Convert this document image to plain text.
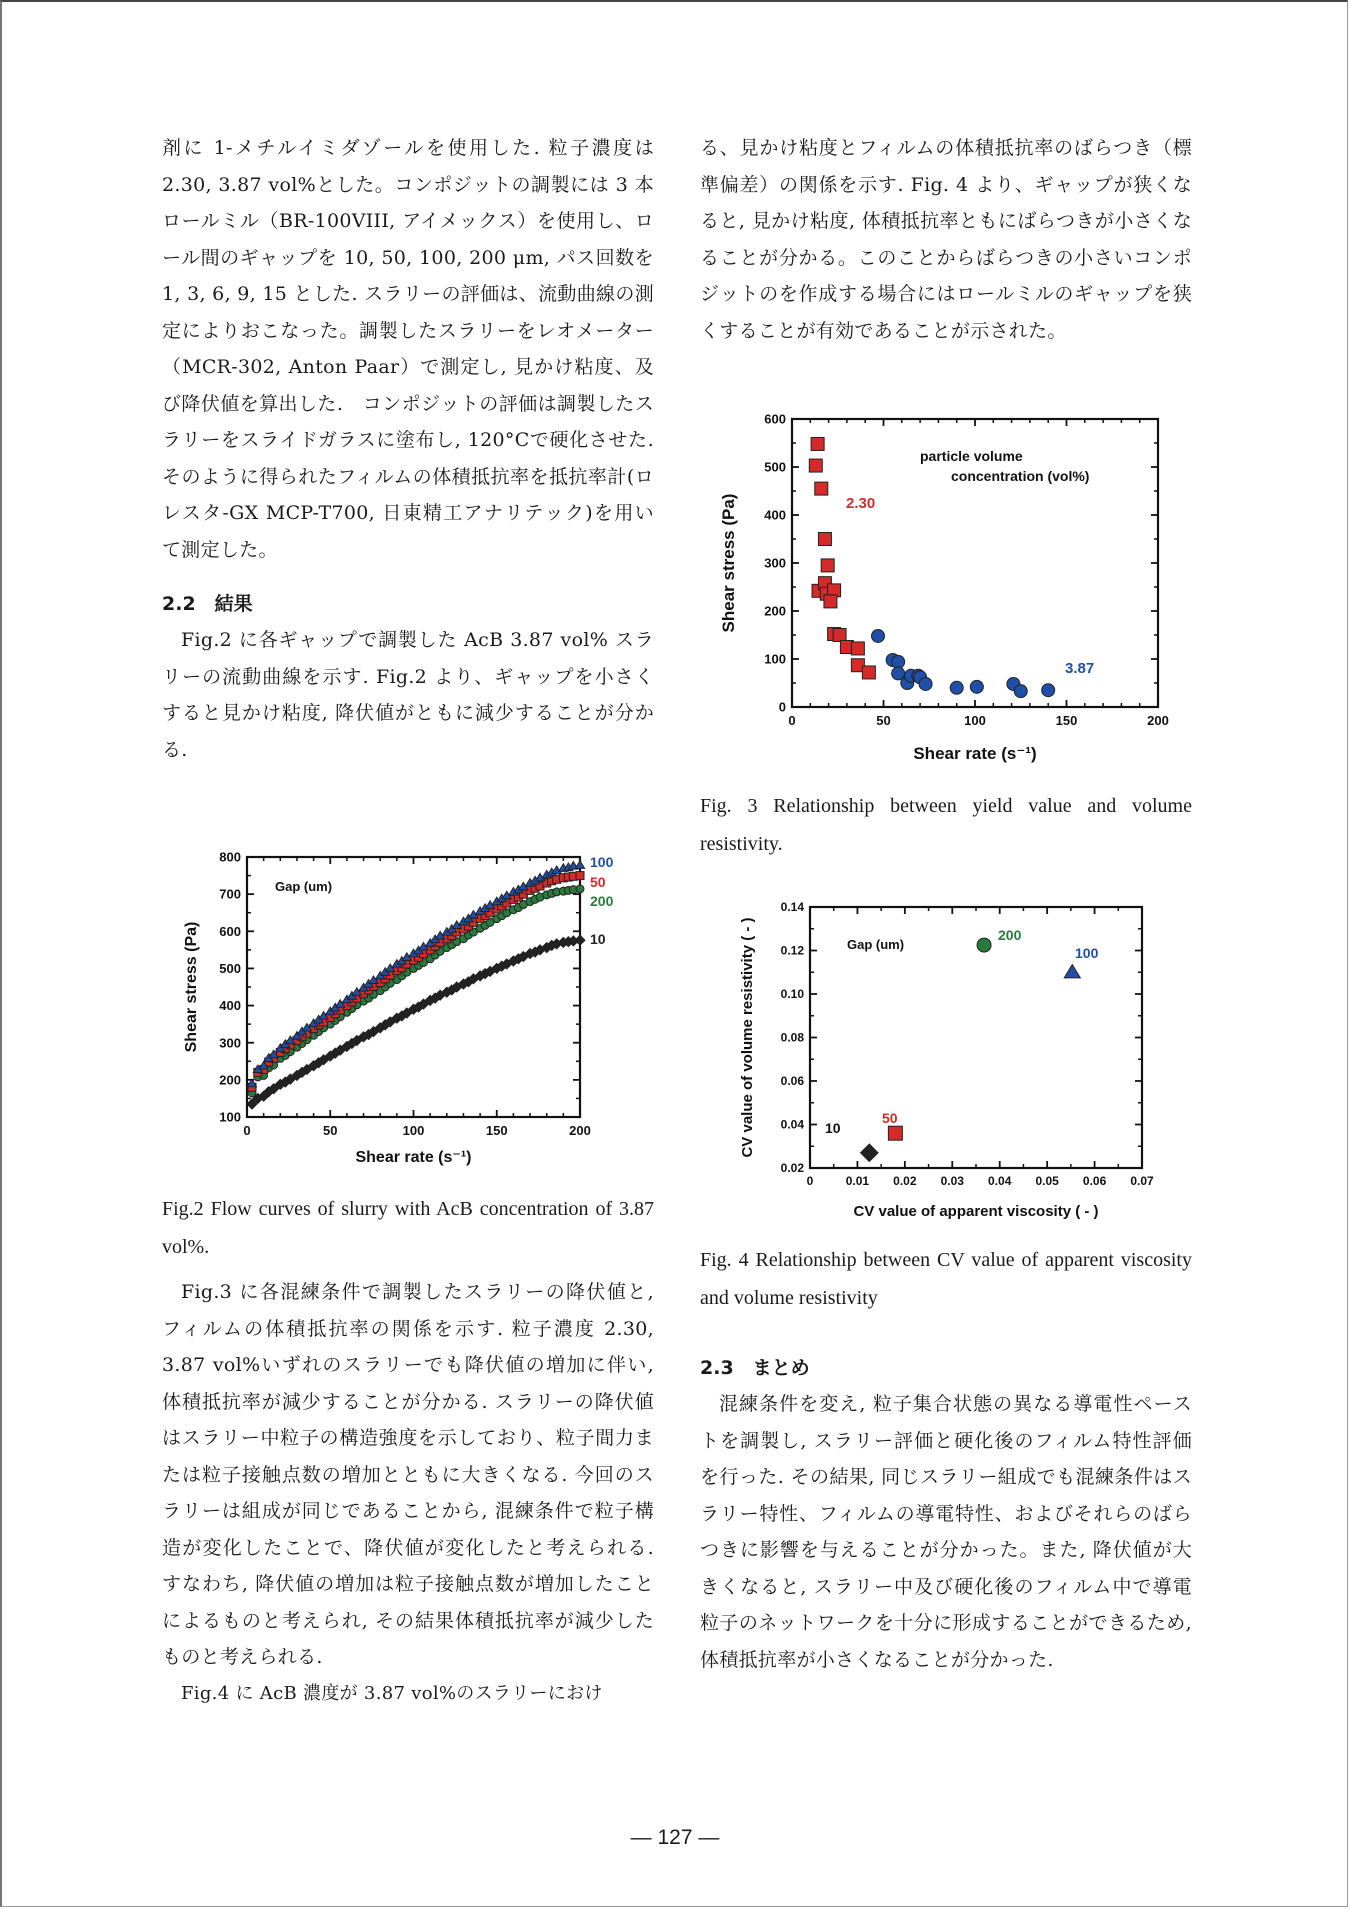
剤に 1-メチルイミダゾールを使用した. 粒子濃度は 2.30, 3.87 vol%とした。コンポジットの調製には 3 本ロールミル（BR-100VIII, アイメックス）を使用し、ロール間のギャップを 10, 50, 100, 200 μm, パス回数を 1, 3, 6, 9, 15 とした. スラリーの評価は、流動曲線の測定によりおこなった。調製したスラリーをレオメーター（MCR-302, Anton Paar）で測定し, 見かけ粘度、及び降伏値を算出した.　コンポジットの評価は調製したスラリーをスライドガラスに塗布し, 120°Cで硬化させた. そのように得られたフィルムの体積抵抗率を抵抗率計(ロレスタ-GX MCP-T700, 日東精工アナリテック)を用いて測定した。

2.2　結果

Fig.2 に各ギャップで調製した AcB 3.87 vol% スラリーの流動曲線を示す. Fig.2 より、ギャップを小さくすると見かけ粘度, 降伏値がともに減少することが分かる.

0	50	100	150	200
100
200
300
400
500
600
700
800
Shear rate (s⁻¹)
Shear stress (Pa)
Gap (um)
100
50
200
10

Fig.2 Flow curves of slurry with AcB concentration of 3.87 vol%.

Fig.3 に各混練条件で調製したスラリーの降伏値と, フィルムの体積抵抗率の関係を示す. 粒子濃度 2.30, 3.87 vol%いずれのスラリーでも降伏値の増加に伴い, 体積抵抗率が減少することが分かる. スラリーの降伏値はスラリー中粒子の構造強度を示しており、粒子間力または粒子接触点数の増加とともに大きくなる. 今回のスラリーは組成が同じであることから, 混練条件で粒子構造が変化したことで、降伏値が変化したと考えられる. すなわち, 降伏値の増加は粒子接触点数が増加したことによるものと考えられ, その結果体積抵抗率が減少したものと考えられる.

Fig.4 に AcB 濃度が 3.87 vol%のスラリーにおけ

る、見かけ粘度とフィルムの体積抵抗率のばらつき（標準偏差）の関係を示す. Fig. 4 より、ギャップが狭くなると, 見かけ粘度, 体積抵抗率ともにばらつきが小さくなることが分かる。このことからばらつきの小さいコンポジットのを作成する場合にはロールミルのギャップを狭くすることが有効であることが示された。

0	50	100	150	200
0
100
200
300
400
500
600
Shear rate (s⁻¹)
Shear stress (Pa)
particle volume
concentration (vol%)
2.30
3.87

Fig. 3 Relationship between yield value and volume resistivity.

0	0.01 0.02 0.03 0.04 0.05 0.06 0.07
0.02
0.04
0.06
0.08
0.10
0.12
0.14
CV value of apparent viscosity ( - )
CV value of volume resistivity ( - )	Gap (um)
10
50
200
100

Fig. 4 Relationship between CV value of apparent viscosity and volume resistivity

2.3　まとめ

混練条件を変え, 粒子集合状態の異なる導電性ペーストを調製し, スラリー評価と硬化後のフィルム特性評価を行った. その結果, 同じスラリー組成でも混練条件はスラリー特性、フィルムの導電特性、およびそれらのばらつきに影響を与えることが分かった。また, 降伏値が大きくなると, スラリー中及び硬化後のフィルム中で導電粒子のネットワークを十分に形成することができるため, 体積抵抗率が小さくなることが分かった.

— 127 —
